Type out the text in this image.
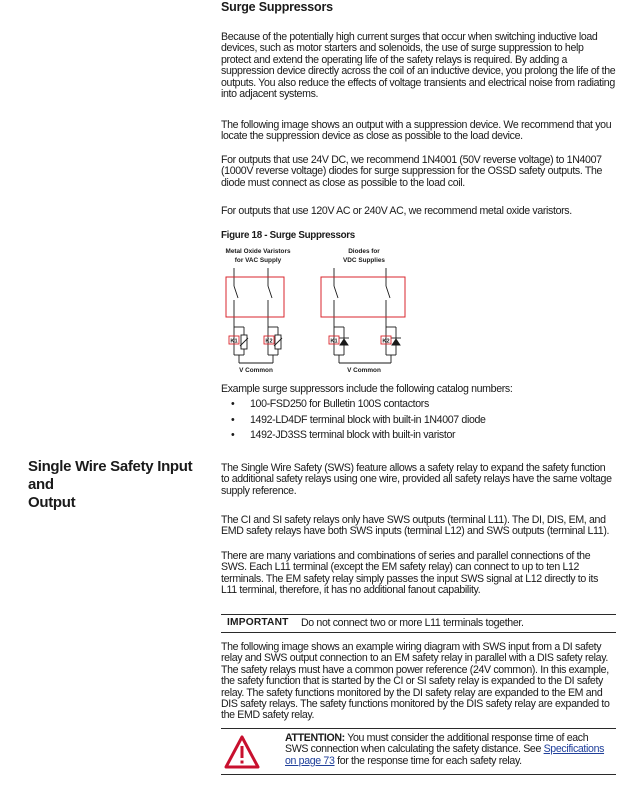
Surge Suppressors

Because of the potentially high current surges that occur when switching inductive load devices, such as motor starters and solenoids, the use of surge suppression to help protect and extend the operating life of the safety relays is required. By adding a suppression device directly across the coil of an inductive device, you prolong the life of the outputs. You also reduce the effects of voltage transients and electrical noise from radiating into adjacent systems.

The following image shows an output with a suppression device. We recommend that you locate the suppression device as close as possible to the load device.

For outputs that use 24V DC, we recommend 1N4001 (50V reverse voltage) to 1N4007 (1000V reverse voltage) diodes for surge suppression for the OSSD safety outputs. The diode must connect as close as possible to the load coil.

For outputs that use 120V AC or 240V AC, we recommend metal oxide varistors.

Figure 18 - Surge Suppressors
Metal Oxide Varistors
for VAC Supply
Diodes for
VDC Supplies
K1	K2	K1	K2
V Common	V Common

Example surge suppressors include the following catalog numbers:

• 100-FSD250 for Bulletin 100S contactors
• 1492-LD4DF terminal block with built-in 1N4007 diode
• 1492-JD3SS terminal block with built-in varistor
Single Wire Safety Input and
Output

The Single Wire Safety (SWS) feature allows a safety relay to expand the safety function to additional safety relays using one wire, provided all safety relays have the same voltage supply reference.

The CI and SI safety relays only have SWS outputs (terminal L11). The DI, DIS, EM, and EMD safety relays have both SWS inputs (terminal L12) and SWS outputs (terminal L11).

There are many variations and combinations of series and parallel connections of the SWS. Each L11 terminal (except the EM safety relay) can connect to up to ten L12 terminals. The EM safety relay simply passes the input SWS signal at L12 directly to its L11 terminal, therefore, it has no additional fanout capability.

IMPORTANT Do not connect two or more L11 terminals together.

The following image shows an example wiring diagram with SWS input from a DI safety relay and SWS output connection to an EM safety relay in parallel with a DIS safety relay. The safety relays must have a common power reference (24V common). In this example, the safety function that is started by the CI or SI safety relay is expanded to the DI safety relay. The safety functions monitored by the DI safety relay are expanded to the EM and DIS safety relays. The safety functions monitored by the DIS safety relay are expanded to the EMD safety relay.

ATTENTION: You must consider the additional response time of each SWS connection when calculating the safety distance. See Specifications on page 73 for the response time for each safety relay.
